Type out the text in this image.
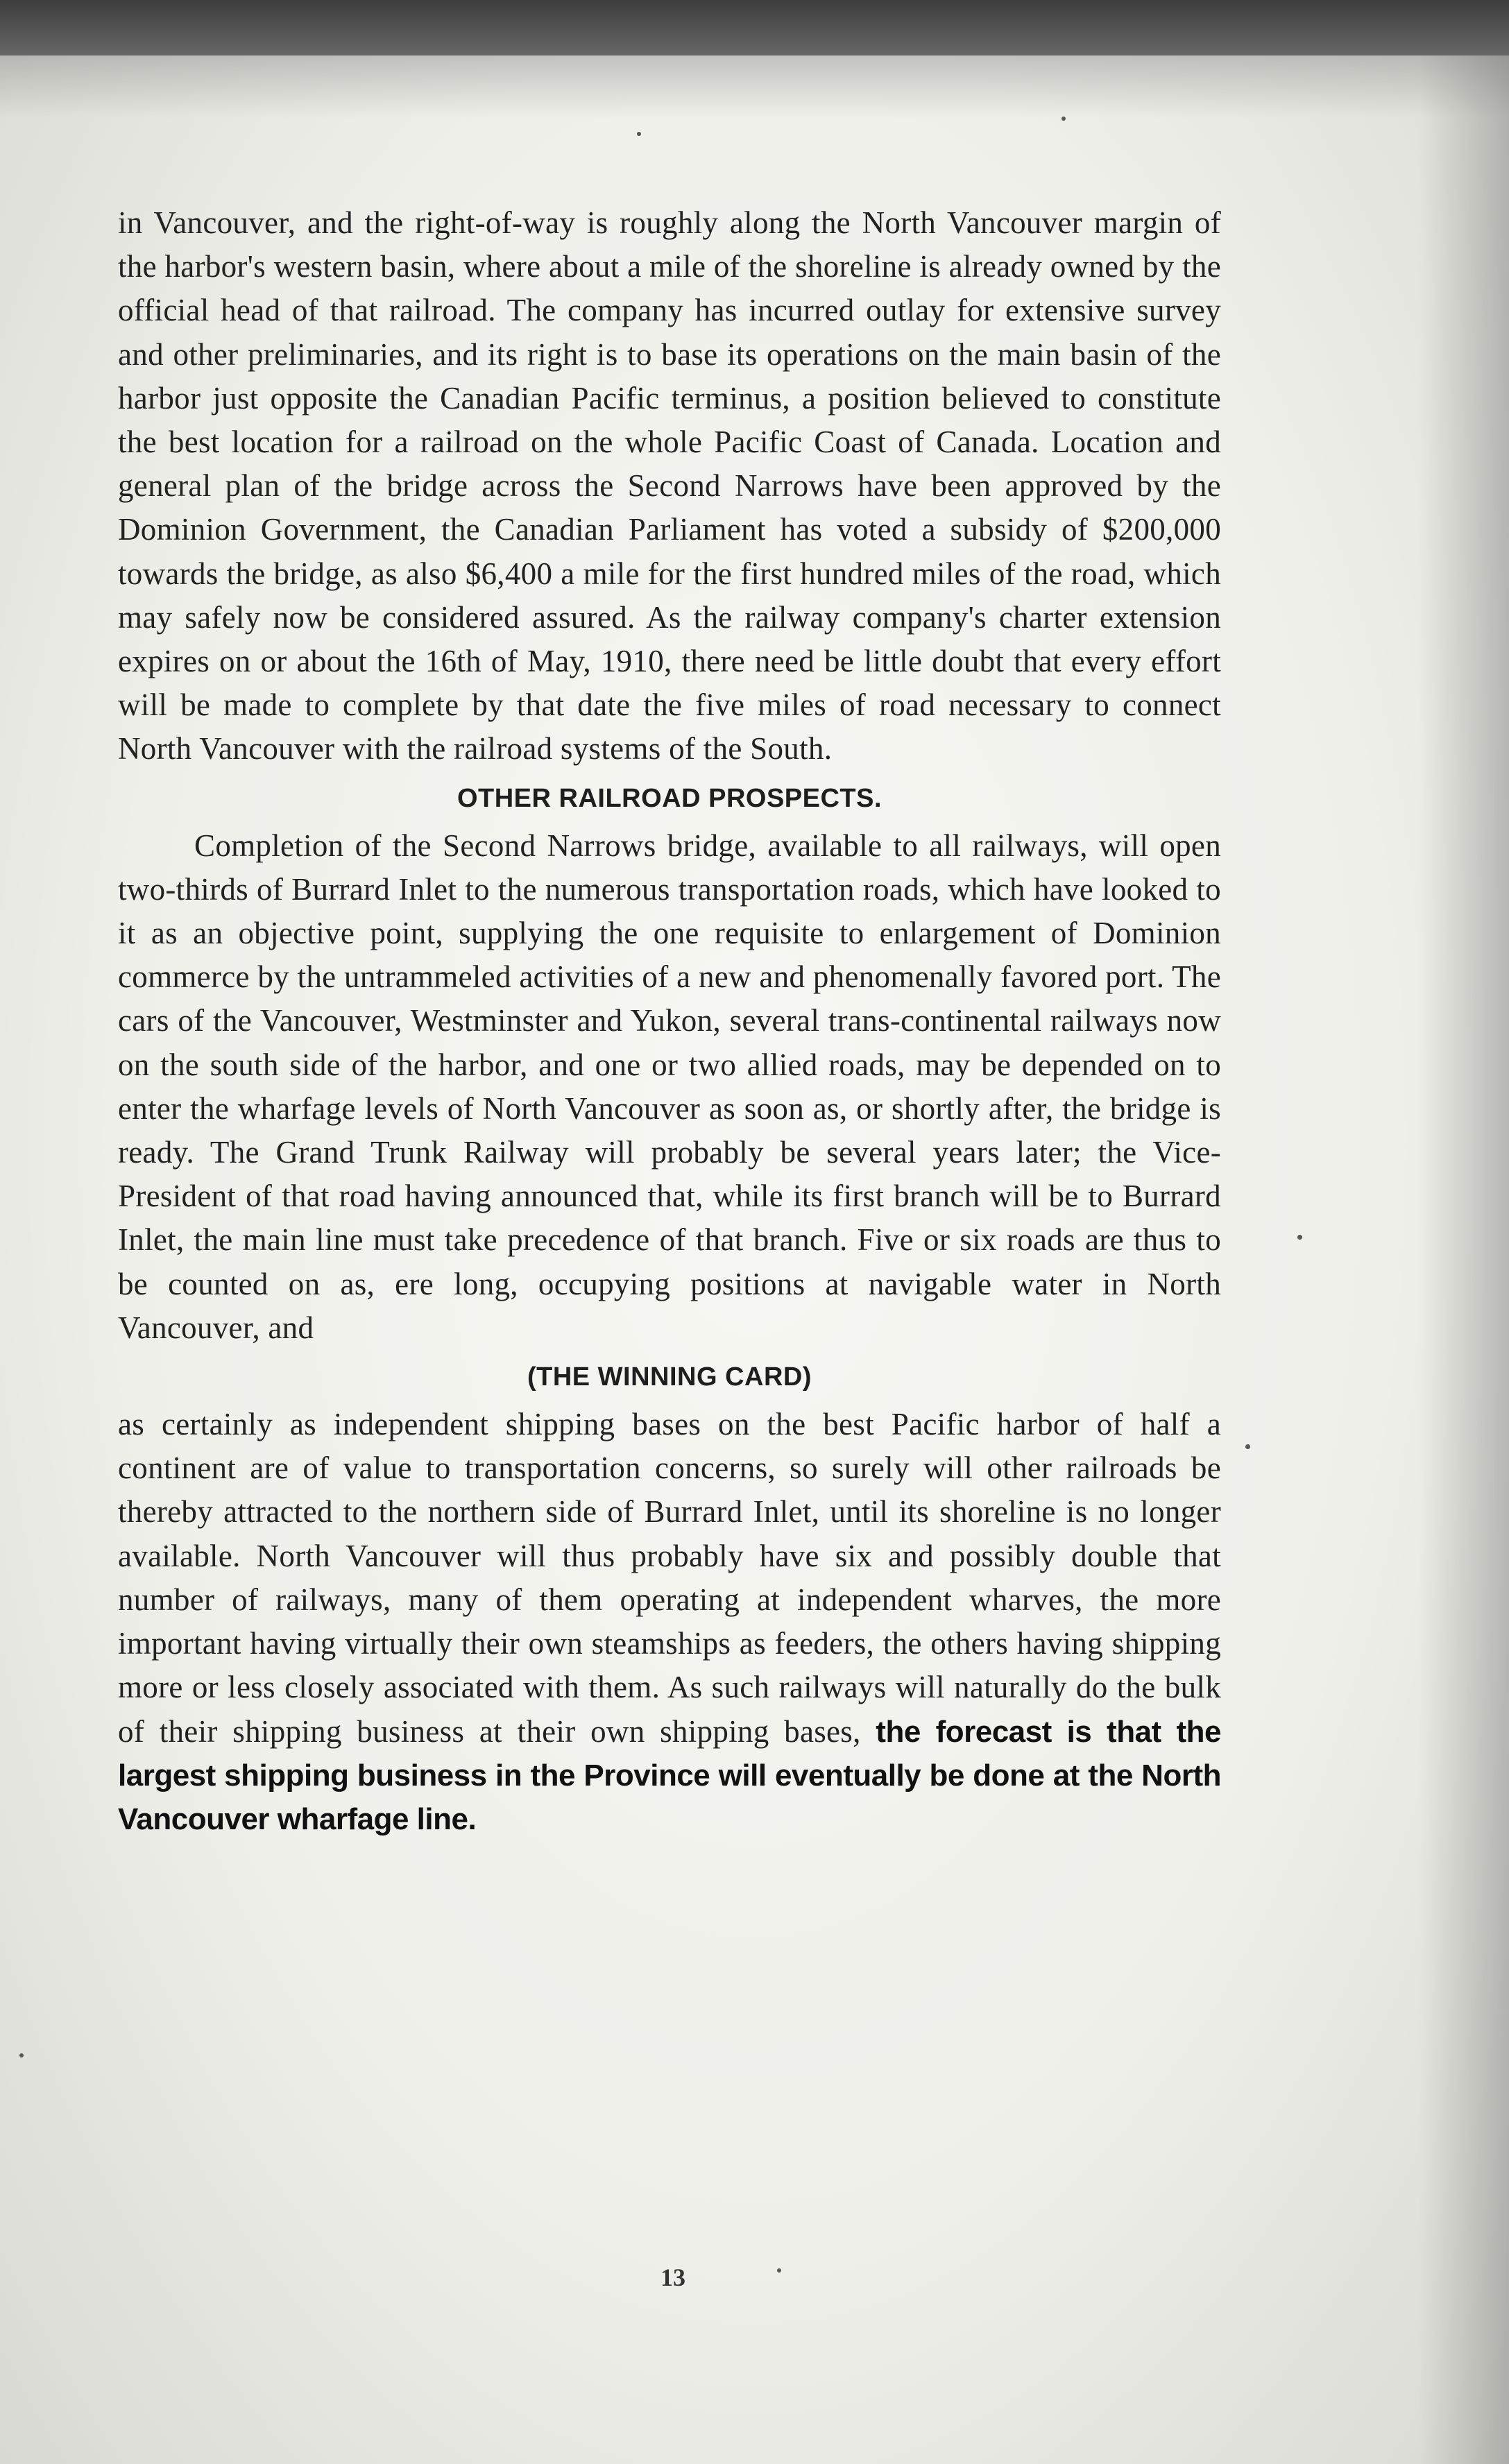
in Vancouver, and the right-of-way is roughly along the North Vancouver margin of the harbor's western basin, where about a mile of the shoreline is already owned by the official head of that railroad. The company has incurred outlay for extensive survey and other preliminaries, and its right is to base its operations on the main basin of the harbor just opposite the Canadian Pacific terminus, a position believed to constitute the best location for a railroad on the whole Pacific Coast of Canada. Location and general plan of the bridge across the Second Narrows have been approved by the Dominion Government, the Canadian Parliament has voted a subsidy of $200,000 towards the bridge, as also $6,400 a mile for the first hundred miles of the road, which may safely now be considered assured. As the railway company's charter extension expires on or about the 16th of May, 1910, there need be little doubt that every effort will be made to complete by that date the five miles of road necessary to connect North Vancouver with the railroad systems of the South.

OTHER RAILROAD PROSPECTS.

Completion of the Second Narrows bridge, available to all railways, will open two-thirds of Burrard Inlet to the numerous transportation roads, which have looked to it as an objective point, supplying the one requisite to enlargement of Dominion commerce by the untrammeled activities of a new and phenomenally favored port. The cars of the Vancouver, Westminster and Yukon, several trans-continental railways now on the south side of the harbor, and one or two allied roads, may be depended on to enter the wharfage levels of North Vancouver as soon as, or shortly after, the bridge is ready. The Grand Trunk Railway will probably be several years later; the Vice-President of that road having announced that, while its first branch will be to Burrard Inlet, the main line must take precedence of that branch. Five or six roads are thus to be counted on as, ere long, occupying positions at navigable water in North Vancouver, and

(THE WINNING CARD)

as certainly as independent shipping bases on the best Pacific harbor of half a continent are of value to transportation concerns, so surely will other railroads be thereby attracted to the northern side of Burrard Inlet, until its shoreline is no longer available. North Vancouver will thus probably have six and possibly double that number of railways, many of them operating at independent wharves, the more important having virtually their own steamships as feeders, the others having shipping more or less closely associated with them. As such railways will naturally do the bulk of their shipping business at their own shipping bases, the forecast is that the largest shipping business in the Province will eventually be done at the North Vancouver wharfage line.

13
